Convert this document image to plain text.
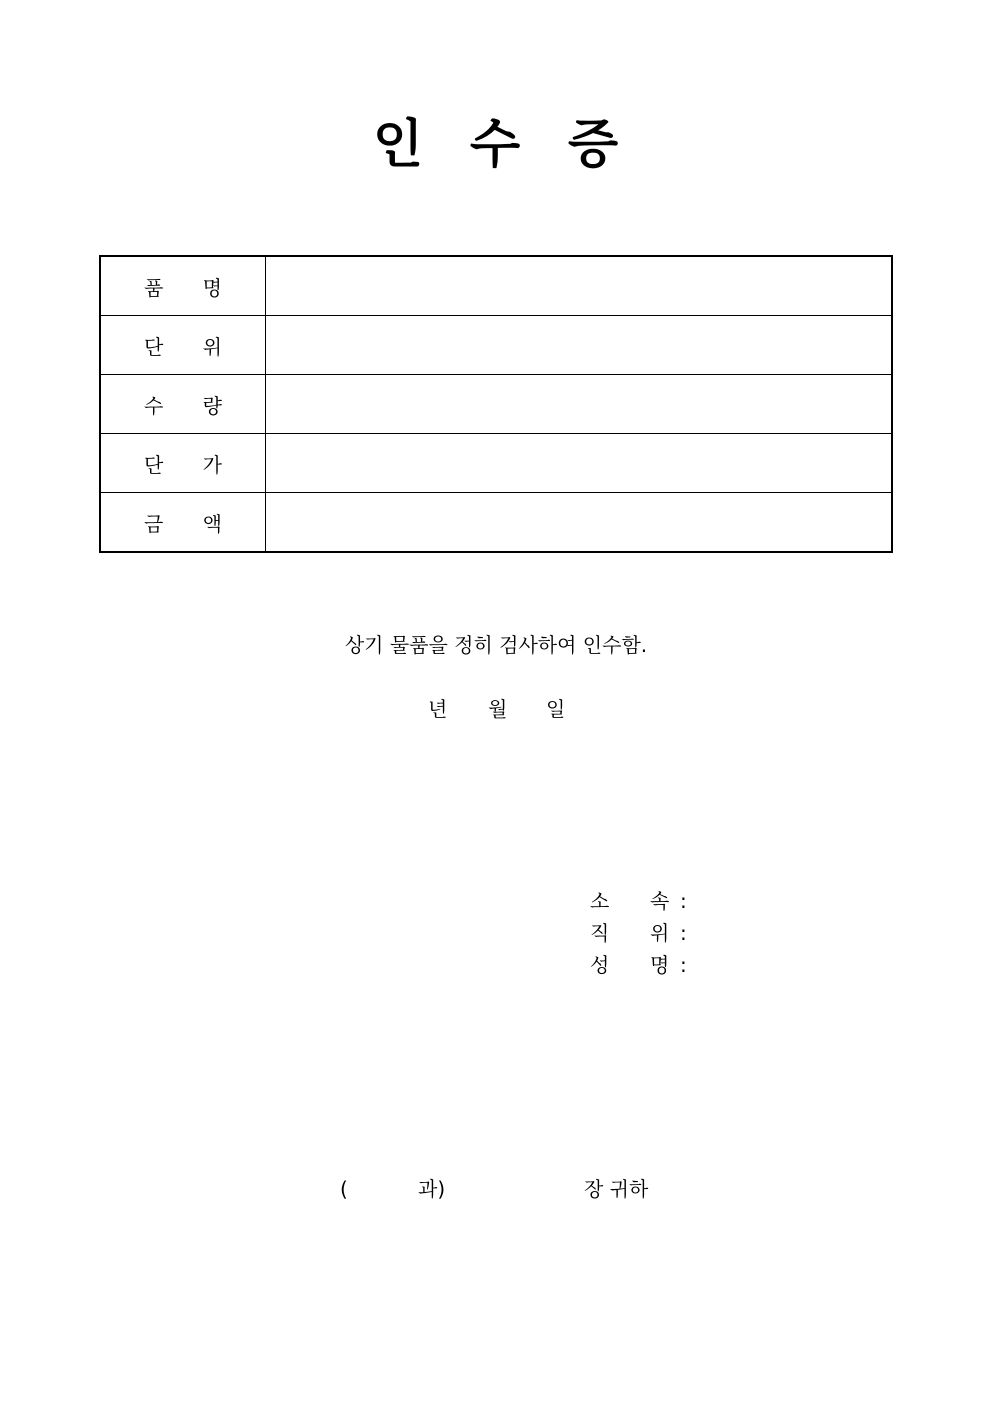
인 수 증
품 명	

단 위	

수 량	

단 가	

금 액	

상기 물품을 정히 검사하여 인수함.
년 월 일
소 속 :
직 위 :
성 명 :
(	과)	장 귀하
